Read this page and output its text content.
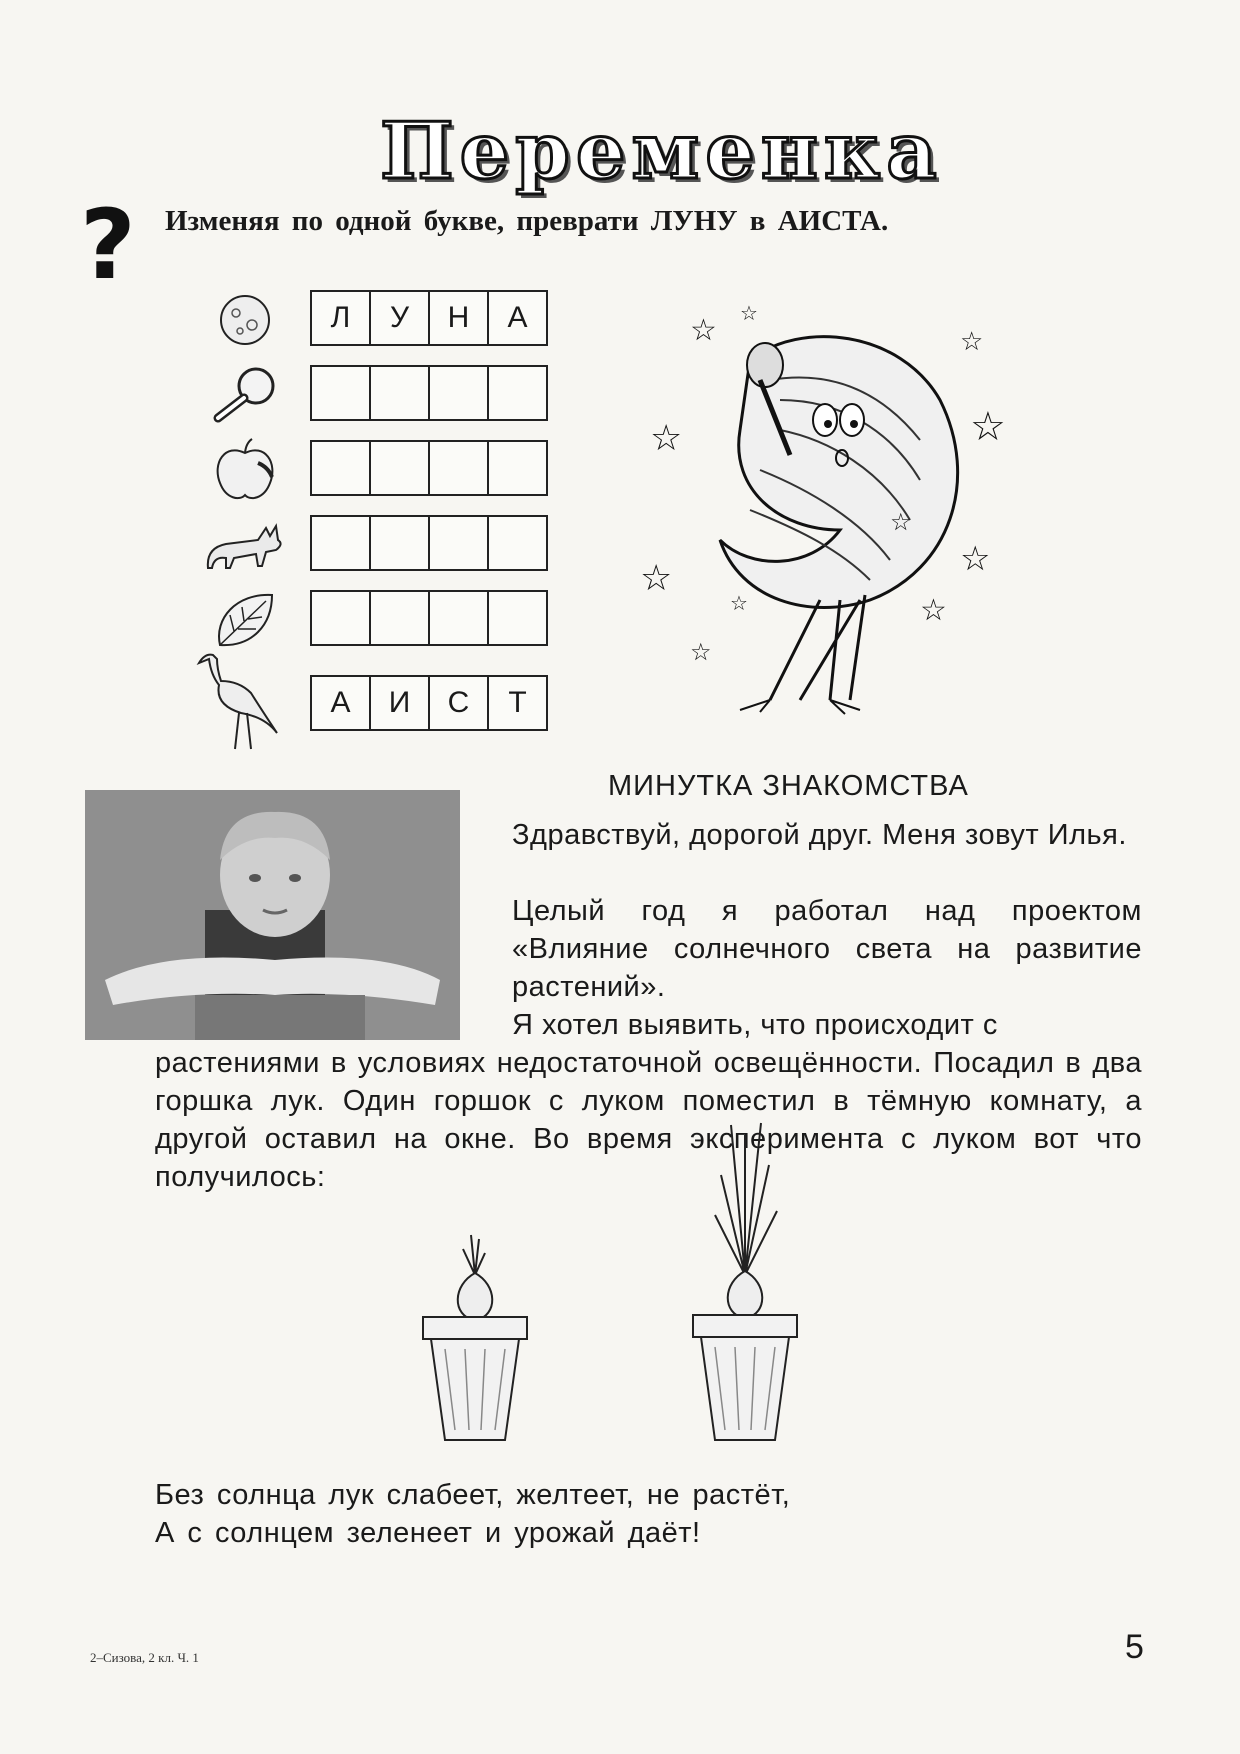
Переменка
?	Изменяя по одной букве, преврати ЛУНУ в АИСТА.
Л	У	Н	А
А	И	С	Т
☆	☆
☆	☆
☆	☆
☆
☆
☆
☆
☆
МИНУТКА ЗНАКОМСТВА
Здравствуй, дорогой друг. Меня зовут Илья.
Целый год я работал над проектом «Влияние солнечного света на развитие растений».
Я хотел выявить, что происходит с
растениями в условиях недостаточной освещённости. Посадил в два горшка лук. Один горшок с луком поместил в тёмную комнату, а другой оставил на окне. Во время эксперимента с луком вот что получилось:
Без солнца лук слабеет, желтеет, не растёт,
А с солнцем зеленеет и урожай даёт!
2–Сизова, 2 кл. Ч. 1	5
